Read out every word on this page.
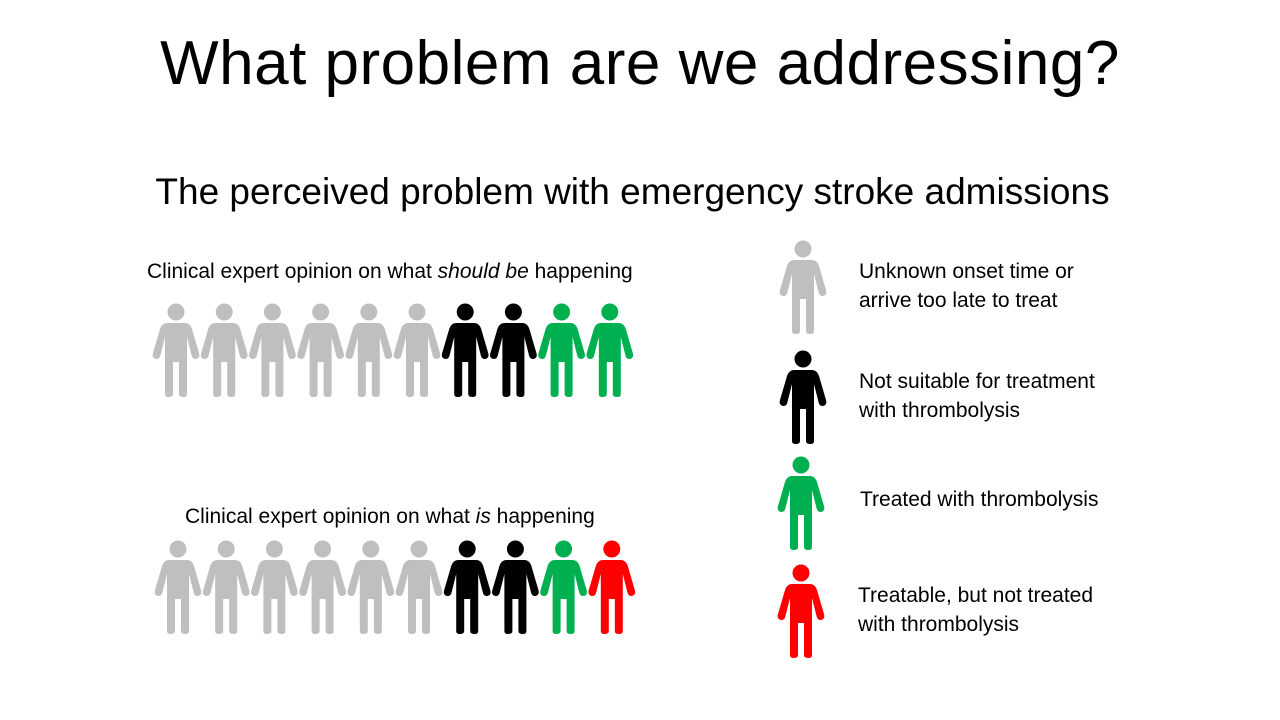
What problem are we addressing?
The perceived problem with emergency stroke admissions
Clinical expert opinion on what should be happening
Clinical expert opinion on what is happening
Unknown onset time or
arrive too late to treat
Not suitable for treatment
with thrombolysis
Treated with thrombolysis
Treatable, but not treated
with thrombolysis
